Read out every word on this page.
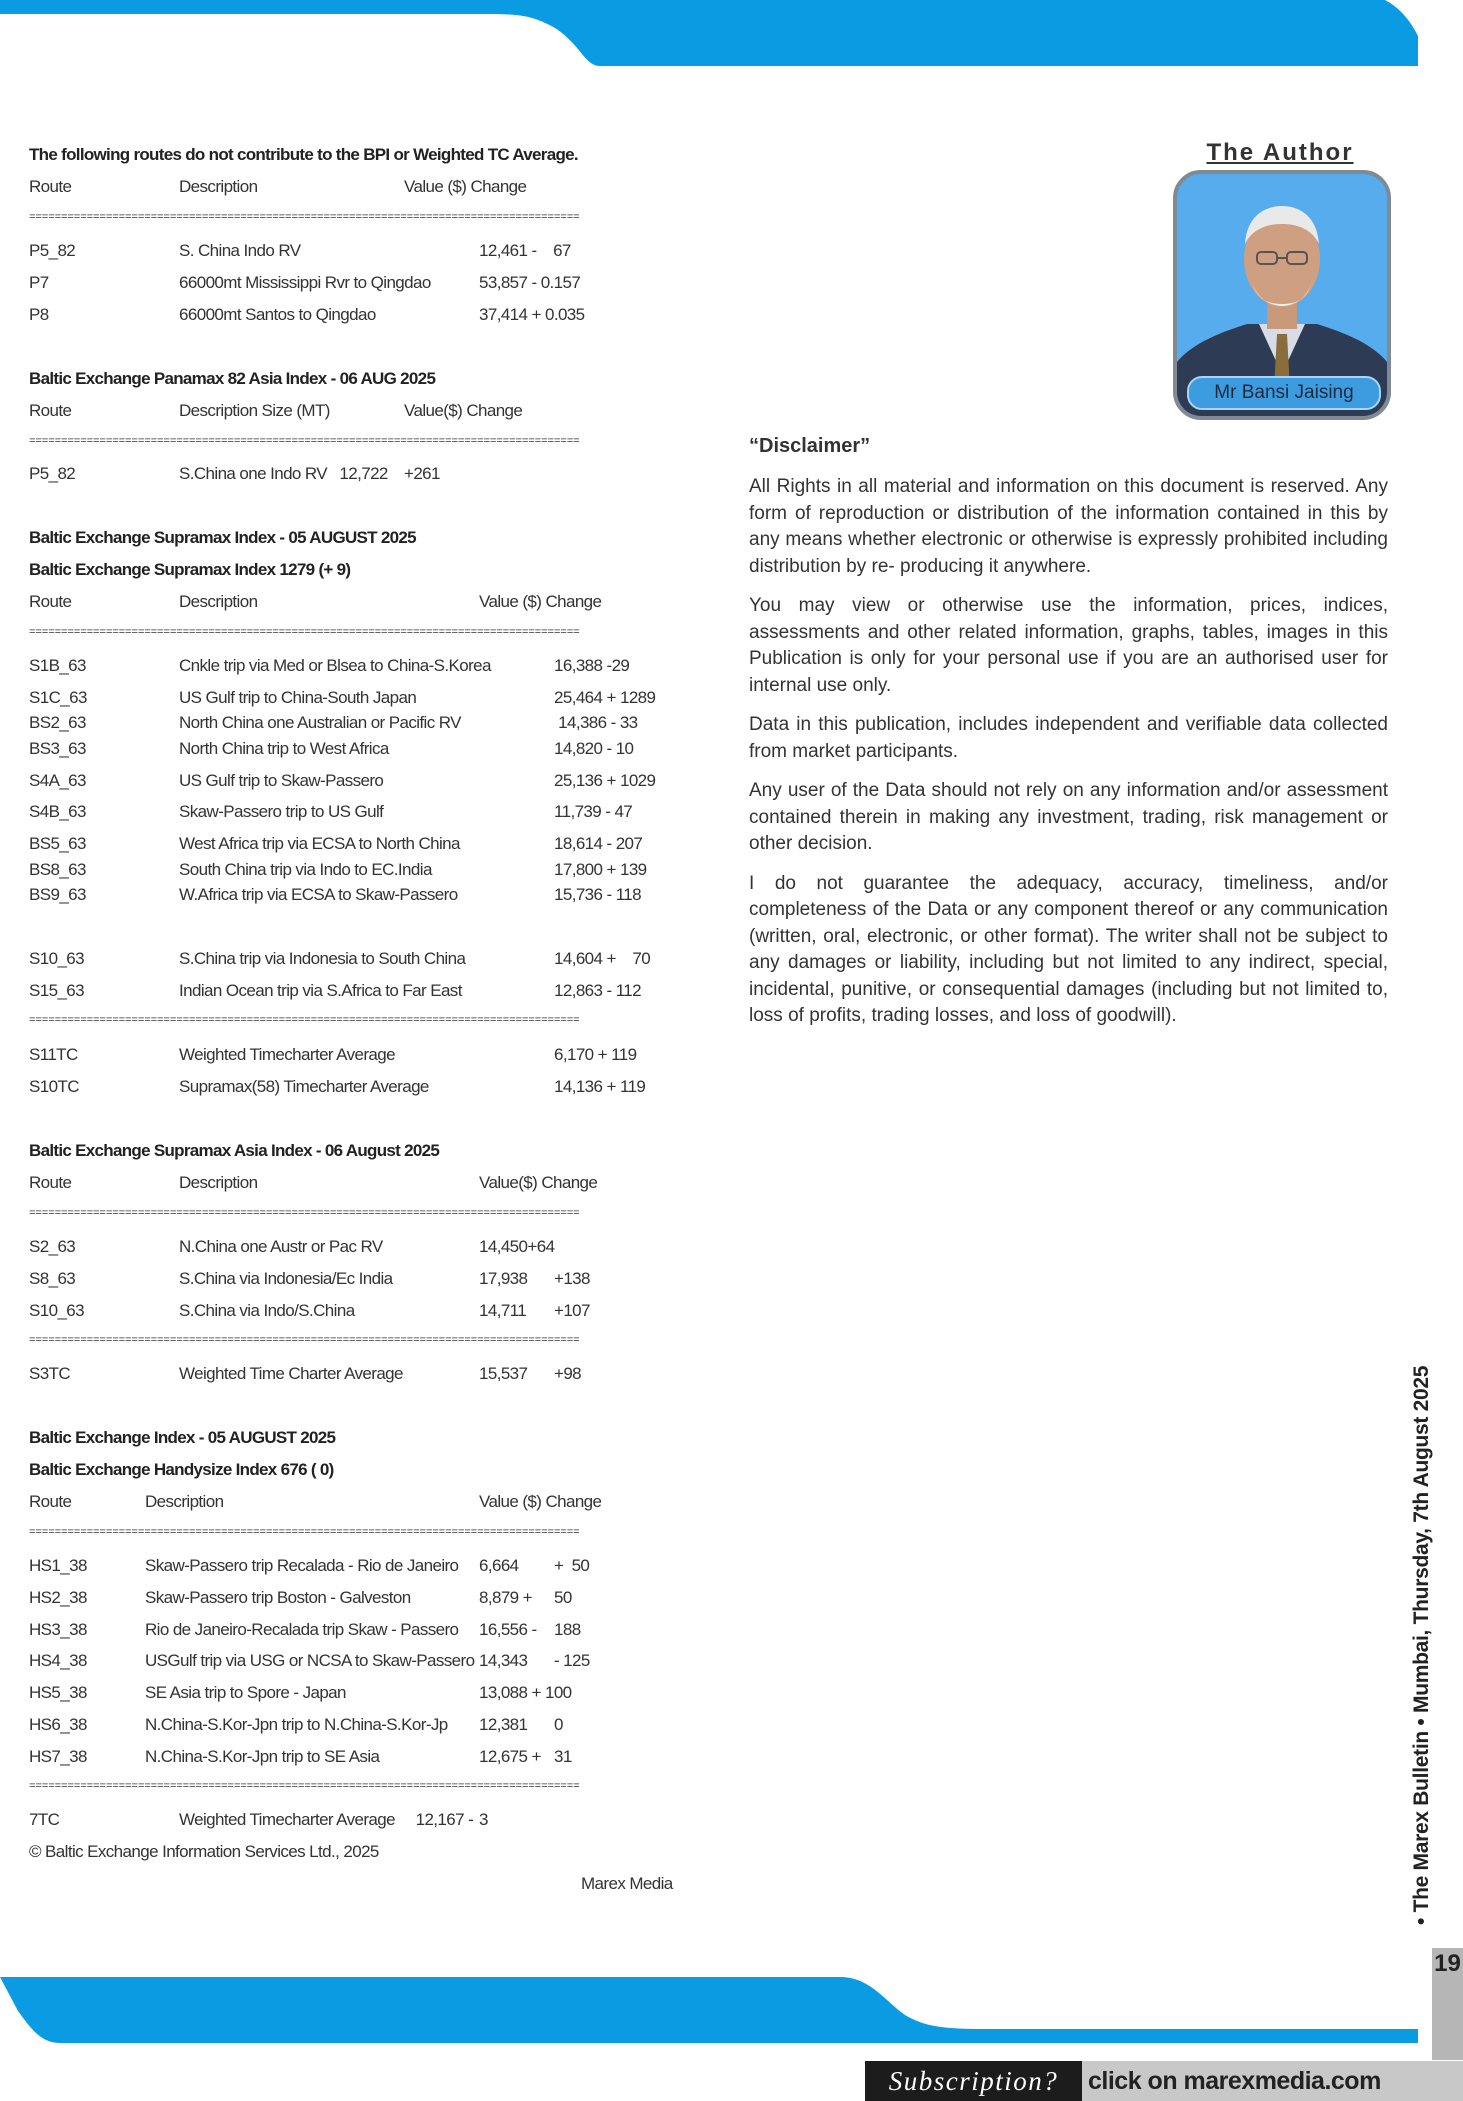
The Author
Mr Bansi Jaising
“Disclaimer”

All Rights in all material and information on this document is reserved. Any form of reproduction or distribution of the information contained in this by any means whether electronic or otherwise is expressly prohibited including distribution by re- producing it anywhere.

You may view or otherwise use the information, prices, indices, assessments and other related information, graphs, tables, images in this Publication is only for your personal use if you are an authorised user for internal use only.

Data in this publication, includes independent and verifiable data collected from market participants.

Any user of the Data should not rely on any information and/or assessment contained therein in making any investment, trading, risk management or other decision.

I do not guarantee the adequacy, accuracy, timeliness, and/or completeness of the Data or any component thereof or any communication (written, oral, electronic, or other format). The writer shall not be subject to any damages or liability, including but not limited to any indirect, special, incidental, punitive, or consequential damages (including but not limited to, loss of profits, trading losses, and loss of goodwill).

The following routes do not contribute to the BPI or Weighted TC Average.
Route	Description	Value ($) Change
======================================================================================
P5_82	S. China Indo RV	12,461 -    67
P7	66000mt Mississippi Rvr to Qingdao	53,857 - 0.157
P8	66000mt Santos to Qingdao	37,414 + 0.035
Baltic Exchange Panamax 82 Asia Index - 06 AUG 2025
Route	Description Size (MT)	Value($) Change
======================================================================================
P5_82	S.China one Indo RV   12,722 +261
Baltic Exchange Supramax Index - 05 AUGUST 2025
Baltic Exchange Supramax Index 1279 (+ 9)
Route	Description	Value ($) Change
======================================================================================
S1B_63	Cnkle trip via Med or Blsea to China-S.Korea	16,388 -29
S1C_63	US Gulf trip to China-South Japan	25,464 + 1289
BS2_63	North China one Australian or Pacific RV	14,386 - 33
BS3_63	North China trip to West Africa	14,820 - 10
S4A_63	US Gulf trip to Skaw-Passero	25,136 + 1029
S4B_63	Skaw-Passero trip to US Gulf	11,739 - 47
BS5_63	West Africa trip via ECSA to North China	18,614 - 207
BS8_63	South China trip via Indo to EC.India	17,800 + 139
BS9_63	W.Africa trip via ECSA to Skaw-Passero	15,736 - 118
S10_63	S.China trip via Indonesia to South China	14,604 +    70
S15_63	Indian Ocean trip via S.Africa to Far East	12,863 - 112
======================================================================================
S11TC	Weighted Timecharter Average	6,170 + 119
S10TC	Supramax(58) Timecharter Average	14,136 + 119
Baltic Exchange Supramax Asia Index - 06 August 2025
Route	Description	Value($) Change
======================================================================================
S2_63	N.China one Austr or Pac RV	14,450+64
S8_63	S.China via Indonesia/Ec India	17,938 +138
S10_63	S.China via Indo/S.China	14,711 +107
======================================================================================
S3TC	Weighted Time Charter Average	15,537 +98
Baltic Exchange Index - 05 AUGUST 2025
Baltic Exchange Handysize Index 676 ( 0)
Route	Description	Value ($) Change
======================================================================================
HS1_38	Skaw-Passero trip Recalada - Rio de Janeiro 6,664 +  50
HS2_38	Skaw-Passero trip Boston - Galveston	8,879 + 50
HS3_38	Rio de Janeiro-Recalada trip Skaw - Passero 16,556 - 188
HS4_38	USGulf trip via USG or NCSA to Skaw-Passero 14,343 - 125
HS5_38	SE Asia trip to Spore - Japan	13,088 + 100
HS6_38	N.China-S.Kor-Jpn trip to N.China-S.Kor-Jp 12,381 0
HS7_38	N.China-S.Kor-Jpn trip to SE Asia	12,675 + 31
======================================================================================
7TC	Weighted Timecharter Average     12,167 - 3
© Baltic Exchange Information Services Ltd., 2025
Marex Media	• The Marex Bulletin • Mumbai, Thursday, 7th August 2025
19
Subscription?	click on marexmedia.com
